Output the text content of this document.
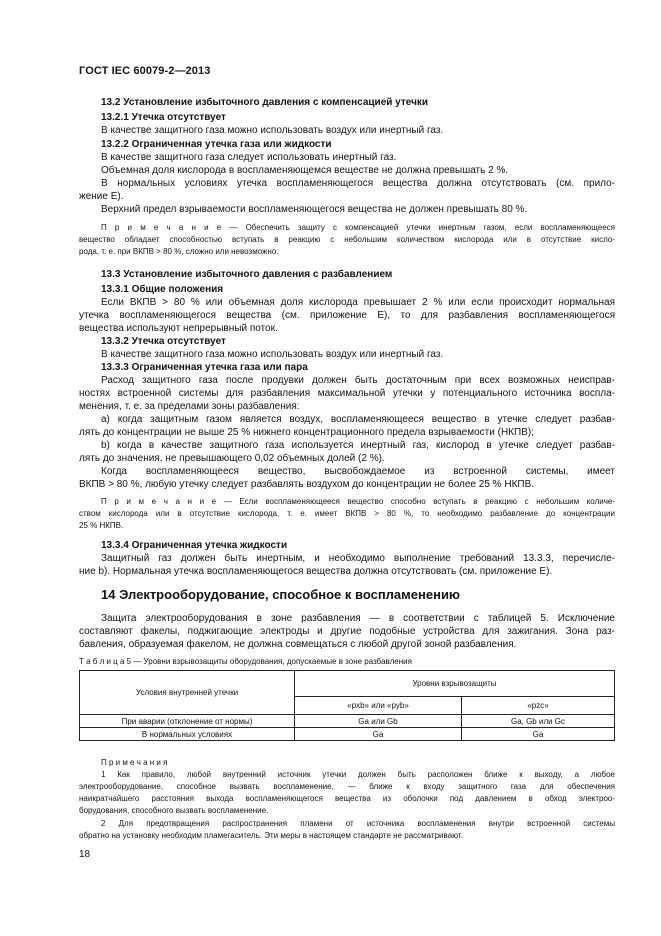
ГОСТ IEC 60079-2—2013
13.2 Установление избыточного давления с компенсацией утечки
13.2.1 Утечка отсутствует
В качестве защитного газа можно использовать воздух или инертный газ.
13.2.2 Ограниченная утечка газа или жидкости
В качестве защитного газа следует использовать инертный газ.
Объемная доля кислорода в воспламеняющемся веществе не должна превышать 2 %.
В нормальных условиях утечка воспламеняющегося вещества должна отсутствовать (см. прило-
жение E).
Верхний предел взрываемости воспламеняющегося вещества не должен превышать 80 %.
П р и м е ч а н и е — Обеспечить защиту с компенсацией утечки инертным газом, если воспламеняющееся
вещество обладает способностью вступать в реакцию с небольшим количеством кислорода или в отсутствие кисло-
рода, т. е. при ВКПВ > 80 %, сложно или невозможно.
13.3 Установление избыточного давления с разбавлением
13.3.1 Общие положения
Если ВКПВ > 80 % или объемная доля кислорода превышает 2 % или если происходит нормальная
утечка воспламеняющегося вещества (см. приложение E), то для разбавления воспламеняющегося
вещества используют непрерывный поток.
13.3.2 Утечка отсутствует
В качестве защитного газа можно использовать воздух или инертный газ.
13.3.3 Ограниченная утечка газа или пара
Расход защитного газа после продувки должен быть достаточным при всех возможных неисправ-
ностях встроенной системы для разбавления максимальной утечки у потенциального источника воспла-
менения, т. е. за пределами зоны разбавления:
а) когда защитным газом является воздух, воспламеняющееся вещество в утечке следует разбав-
лять до концентрации не выше 25 % нижнего концентрационного предела взрываемости (НКПВ);
b) когда в качестве защитного газа используется инертный газ, кислород в утечке следует разбав-
лять до значения, не превышающего 0,02 объемных долей (2 %).
Когда воспламеняющееся вещество, высвобождаемое из встроенной системы, имеет
ВКПВ > 80 %, любую утечку следует разбавлять воздухом до концентрации не более 25 % НКПВ.
П р и м е ч а н и е — Если воспламеняющееся вещество способно вступать в реакцию с небольшим количе-
ством кислорода или в отсутствие кислорода, т. е. имеет ВКПВ > 80 %, то необходимо разбавление до концентрации
25 % НКПВ.
13.3.4 Ограниченная утечка жидкости
Защитный газ должен быть инертным, и необходимо выполнение требований 13.3.3, перечисле-
ние b). Нормальная утечка воспламеняющегося вещества должна отсутствовать (см. приложение E).
14 Электрооборудование, способное к воспламенению
Защита электрооборудования в зоне разбавления — в соответствии с таблицей 5. Исключение
составляют факелы, поджигающие электроды и другие подобные устройства для зажигания. Зона раз-
бавления, образуемая факелом, не должна совмещаться с любой другой зоной разбавления.
Т а б л и ц а 5 — Уровни взрывозащиты оборудования, допускаемые в зоне разбавления
Условия внутренней утечки	Уровни взрывозащиты	
	«pxb» или «pyb»	«pzc»
При аварии (отклонение от нормы)	Ga или Gb	Ga, Gb или Gc
В нормальных условиях	Ga	Ga
П р и м е ч а н и я
1 Как правило, любой внутренний источник утечки должен быть расположен ближе к выходу, а любое
электрооборудование, способное вызвать воспламенение, — ближе к входу защитного газа для обеспечения
наикратчайшего расстояния выхода воспламеняющегося вещества из оболочки под давлением в обход электроо-
борудования, способного вызвать воспламенение.
2 Для предотвращения распространения пламени от источника воспламенения внутри встроенной системы
обратно на установку необходим пламегаситель. Эти меры в настоящем стандарте не рассматривают.
18
